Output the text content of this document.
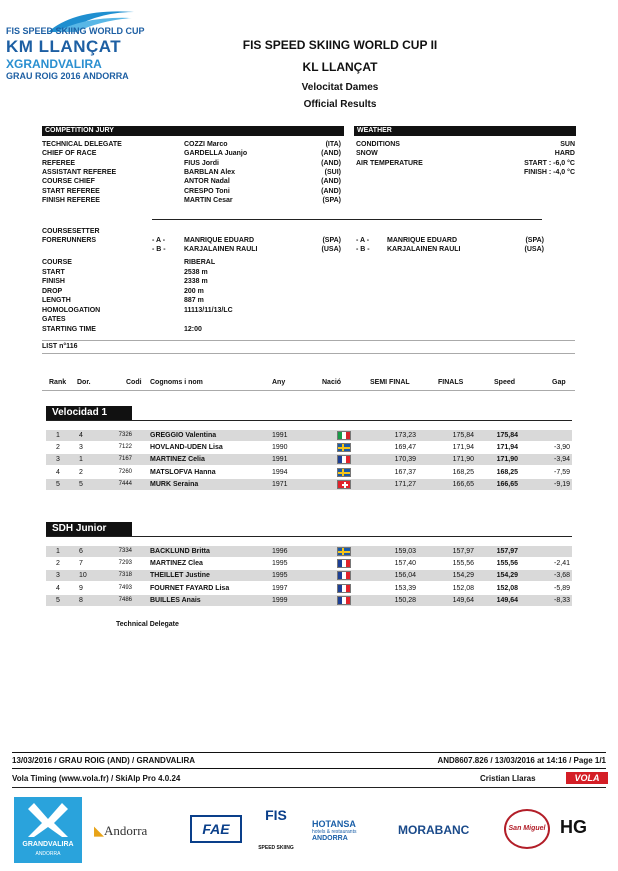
FIS SPEED SKIING WORLD CUP
KM LLANÇAT
XGRANDVALIRA
GRAU ROIG 2016 ANDORRA
FIS SPEED SKIING WORLD CUP II
KL LLANÇAT
Velocitat Dames
Official Results
COMPETITION JURY	WEATHER
TECHNICAL DELEGATE	COZZI Marco	(ITA)
CHIEF OF RACE	GARDELLA Juanjo	(AND)
REFEREE	FIUS Jordi	(AND)
ASSISTANT REFEREE	BARBLAN Alex	(SUI)
COURSE CHIEF	ANTOR Nadal	(AND)
START REFEREE	CRESPO Toni	(AND)
FINISH REFEREE	MARTIN Cesar	(SPA)
CONDITIONS	SUN
SNOW	HARD
AIR TEMPERATURE	START : -6,0 °C
FINISH : -4,0 °C
COURSESETTER
FORERUNNERS	- A -	MANRIQUE EDUARD	(SPA)
- B -	KARJALAINEN RAULI	(USA)
- A -	MANRIQUE EDUARD	(SPA)
- B - KARJALAINEN RAULI	(USA)
COURSE	RIBERAL
START	2538 m
FINISH	2338 m
DROP	200 m
LENGTH	887 m
HOMOLOGATION	11113/11/13/LC
GATES
STARTING TIME	12:00
LIST n°116
Rank Dor.	Codi Cognoms i nom	Any	Nació	SEMI FINAL	FINALS	Speed	Gap
Velocidad 1
1	4	7326	GREGGIO Valentina	1991	173,23	175,84	175,84
2	3	7122	HOVLAND-UDEN Lisa	1990	169,47	171,94	171,94	-3,90
3	1	7167	MARTINEZ Celia	1991	170,39	171,90	171,90	-3,94
4	2	7260	MATSLOFVA Hanna	1994	167,37	168,25	168,25	-7,59
5	5	7444	MURK Seraina	1971	171,27	166,65	166,65	-9,19
SDH Junior
1	6	7334	BACKLUND Britta	1996	159,03	157,97	157,97
2	7	7293	MARTINEZ Clea	1995	157,40	155,56	155,56	-2,41
3	10	7318	THEILLET Justine	1995	156,04	154,29	154,29	-3,68
4	9	7493	FOURNET FAYARD Lisa	1997	153,39	152,08	152,08	-5,89
5	8	7486	BUILLES Anais	1999	150,28	149,64	149,64	-8,33
Technical Delegate
13/03/2016 / GRAU ROIG (AND) / GRANDVALIRA	AND8607.826 / 13/03/2016 at 14:16 / Page 1/1
Vola Timing (www.vola.fr) / SkiAlp Pro 4.0.24	Cristian Llaras	VOLA
GRANDVALIRA
ANDORRA
◣Andorra	FAE
FIS
SPEED SKIING
HOTANSA
hotels & restaurants
ANDORRA
MORABANC	San Miguel HG
